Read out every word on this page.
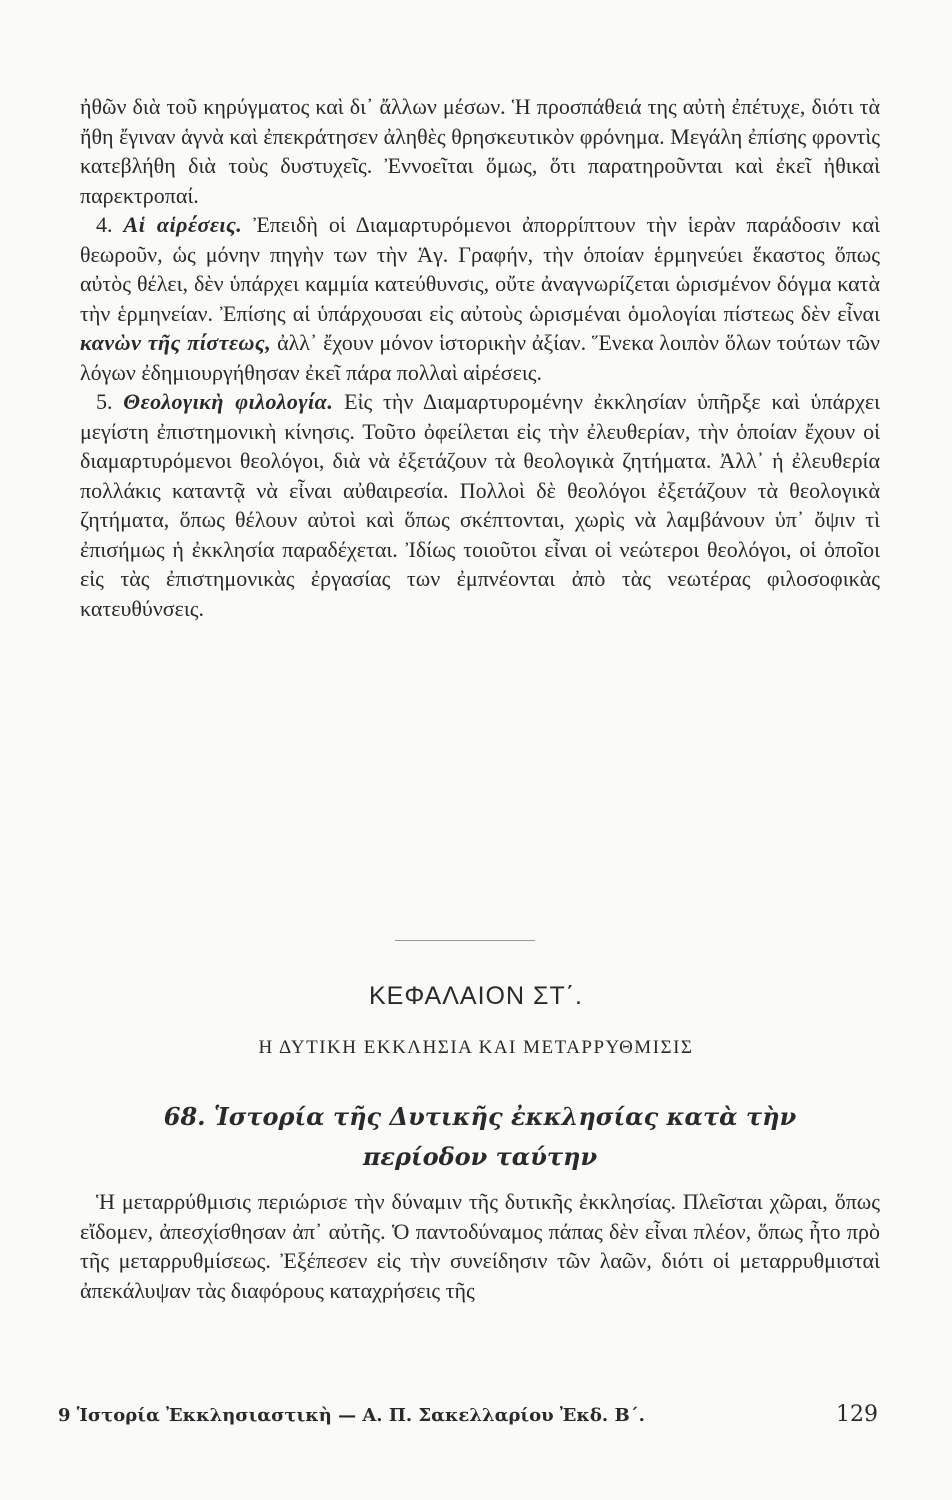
ἠθῶν διὰ τοῦ κηρύγματος καὶ δι᾿ ἄλλων μέσων. Ἡ προσπάθειά της αὐτὴ ἐπέτυχε, διότι τὰ ἤθη ἔγιναν ἁγνὰ καὶ ἐπεκράτησεν ἀληθὲς θρησκευτικὸν φρόνημα. Μεγάλη ἐπίσης φροντὶς κατεβλήθη διὰ τοὺς δυστυχεῖς. Ἐννοεῖται ὅμως, ὅτι παρατηροῦνται καὶ ἐκεῖ ἠθικαὶ παρεκτροπαί.

4. Αἱ αἱρέσεις. Ἐπειδὴ οἱ Διαμαρτυρόμενοι ἀπορρίπτουν τὴν ἱερὰν παράδοσιν καὶ θεωροῦν, ὡς μόνην πηγὴν των τὴν Ἁγ. Γραφήν, τὴν ὁποίαν ἑρμηνεύει ἕκαστος ὅπως αὐτὸς θέλει, δὲν ὑπάρχει καμμία κατεύθυνσις, οὔτε ἀναγνωρίζεται ὡρισμένον δόγμα κατὰ τὴν ἑρμηνείαν. Ἐπίσης αἱ ὑπάρχουσαι εἰς αὐτοὺς ὡρισμέναι ὁμολογίαι πίστεως δὲν εἶναι κανὼν τῆς πίστεως, ἀλλ᾿ ἔχουν μόνον ἱστορικὴν ἀξίαν. Ἕνεκα λοιπὸν ὅλων τούτων τῶν λόγων ἐδημιουργήθησαν ἐκεῖ πάρα πολλαὶ αἱρέσεις.

5. Θεολογικὴ φιλολογία. Εἰς τὴν Διαμαρτυρομένην ἐκκλησίαν ὑπῆρξε καὶ ὑπάρχει μεγίστη ἐπιστημονικὴ κίνησις. Τοῦτο ὀφείλεται εἰς τὴν ἐλευθερίαν, τὴν ὁποίαν ἔχουν οἱ διαμαρτυρόμενοι θεολόγοι, διὰ νὰ ἐξετάζουν τὰ θεολογικὰ ζητήματα. Ἀλλ᾿ ἡ ἐλευθερία πολλάκις καταντᾷ νὰ εἶναι αὐθαιρεσία. Πολλοὶ δὲ θεολόγοι ἐξετάζουν τὰ θεολογικὰ ζητήματα, ὅπως θέλουν αὐτοὶ καὶ ὅπως σκέπτονται, χωρὶς νὰ λαμβάνουν ὑπ᾿ ὄψιν τὶ ἐπισήμως ἡ ἐκκλησία παραδέχεται. Ἰδίως τοιοῦτοι εἶναι οἱ νεώτεροι θεολόγοι, οἱ ὁποῖοι εἰς τὰς ἐπιστημονικὰς ἐργασίας των ἐμπνέονται ἀπὸ τὰς νεωτέρας φιλοσοφικὰς κατευθύνσεις.

ΚΕΦΑΛΑΙΟΝ ΣΤ΄.
Η ΔΥΤΙΚΗ ΕΚΚΛΗΣΙΑ ΚΑΙ ΜΕΤΑΡΡΥΘΜΙΣΙΣ
68. Ἱστορία τῆς Δυτικῆς ἐκκλησίας κατὰ τὴν περίοδον ταύτην

Ἡ μεταρρύθμισις περιώρισε τὴν δύναμιν τῆς δυτικῆς ἐκκλησίας. Πλεῖσται χῶραι, ὅπως εἴδομεν, ἀπεσχίσθησαν ἀπ᾿ αὐτῆς. Ὁ παντοδύναμος πάπας δὲν εἶναι πλέον, ὅπως ἦτο πρὸ τῆς μεταρρυθμίσεως. Ἐξέπεσεν εἰς τὴν συνείδησιν τῶν λαῶν, διότι οἱ μεταρρυθμισταὶ ἀπεκάλυψαν τὰς διαφόρους καταχρήσεις τῆς

9 Ἱστορία Ἐκκλησιαστικὴ — Α. Π. Σακελλαρίου Ἐκδ. Β΄.	129
